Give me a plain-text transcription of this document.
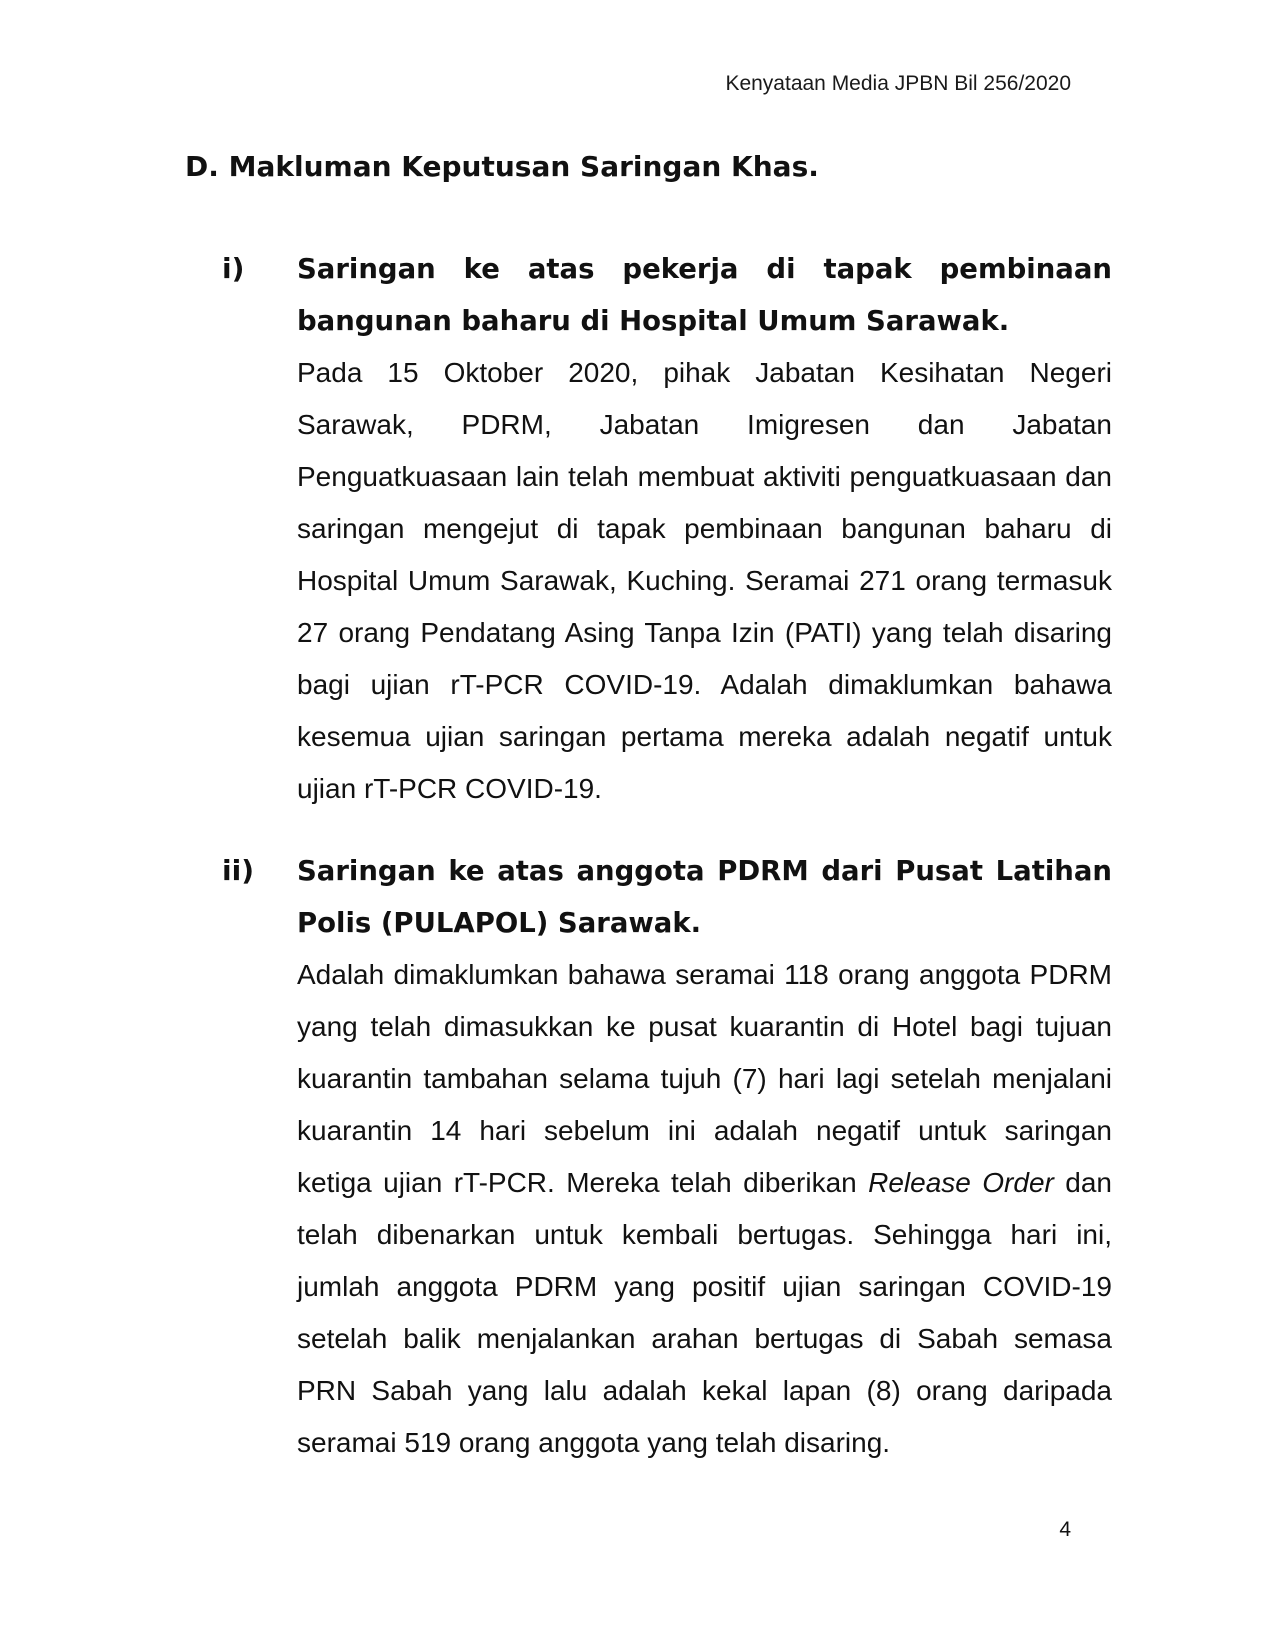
Kenyataan Media JPBN Bil 256/2020
D. Makluman Keputusan Saringan Khas.
i) Saringan ke atas pekerja di tapak pembinaan bangunan baharu di Hospital Umum Sarawak.

Pada 15 Oktober 2020, pihak Jabatan Kesihatan Negeri Sarawak, PDRM, Jabatan Imigresen dan Jabatan Penguatkuasaan lain telah membuat aktiviti penguatkuasaan dan saringan mengejut di tapak pembinaan bangunan baharu di Hospital Umum Sarawak, Kuching. Seramai 271 orang termasuk 27 orang Pendatang Asing Tanpa Izin (PATI) yang telah disaring bagi ujian rT-PCR COVID-19. Adalah dimaklumkan bahawa kesemua ujian saringan pertama mereka adalah negatif untuk ujian rT-PCR COVID-19.

ii) Saringan ke atas anggota PDRM dari Pusat Latihan Polis (PULAPOL) Sarawak.

Adalah dimaklumkan bahawa seramai 118 orang anggota PDRM yang telah dimasukkan ke pusat kuarantin di Hotel bagi tujuan kuarantin tambahan selama tujuh (7) hari lagi setelah menjalani kuarantin 14 hari sebelum ini adalah negatif untuk saringan ketiga ujian rT-PCR. Mereka telah diberikan Release Order dan telah dibenarkan untuk kembali bertugas. Sehingga hari ini, jumlah anggota PDRM yang positif ujian saringan COVID-19 setelah balik menjalankan arahan bertugas di Sabah semasa PRN Sabah yang lalu adalah kekal lapan (8) orang daripada seramai 519 orang anggota yang telah disaring.

4
